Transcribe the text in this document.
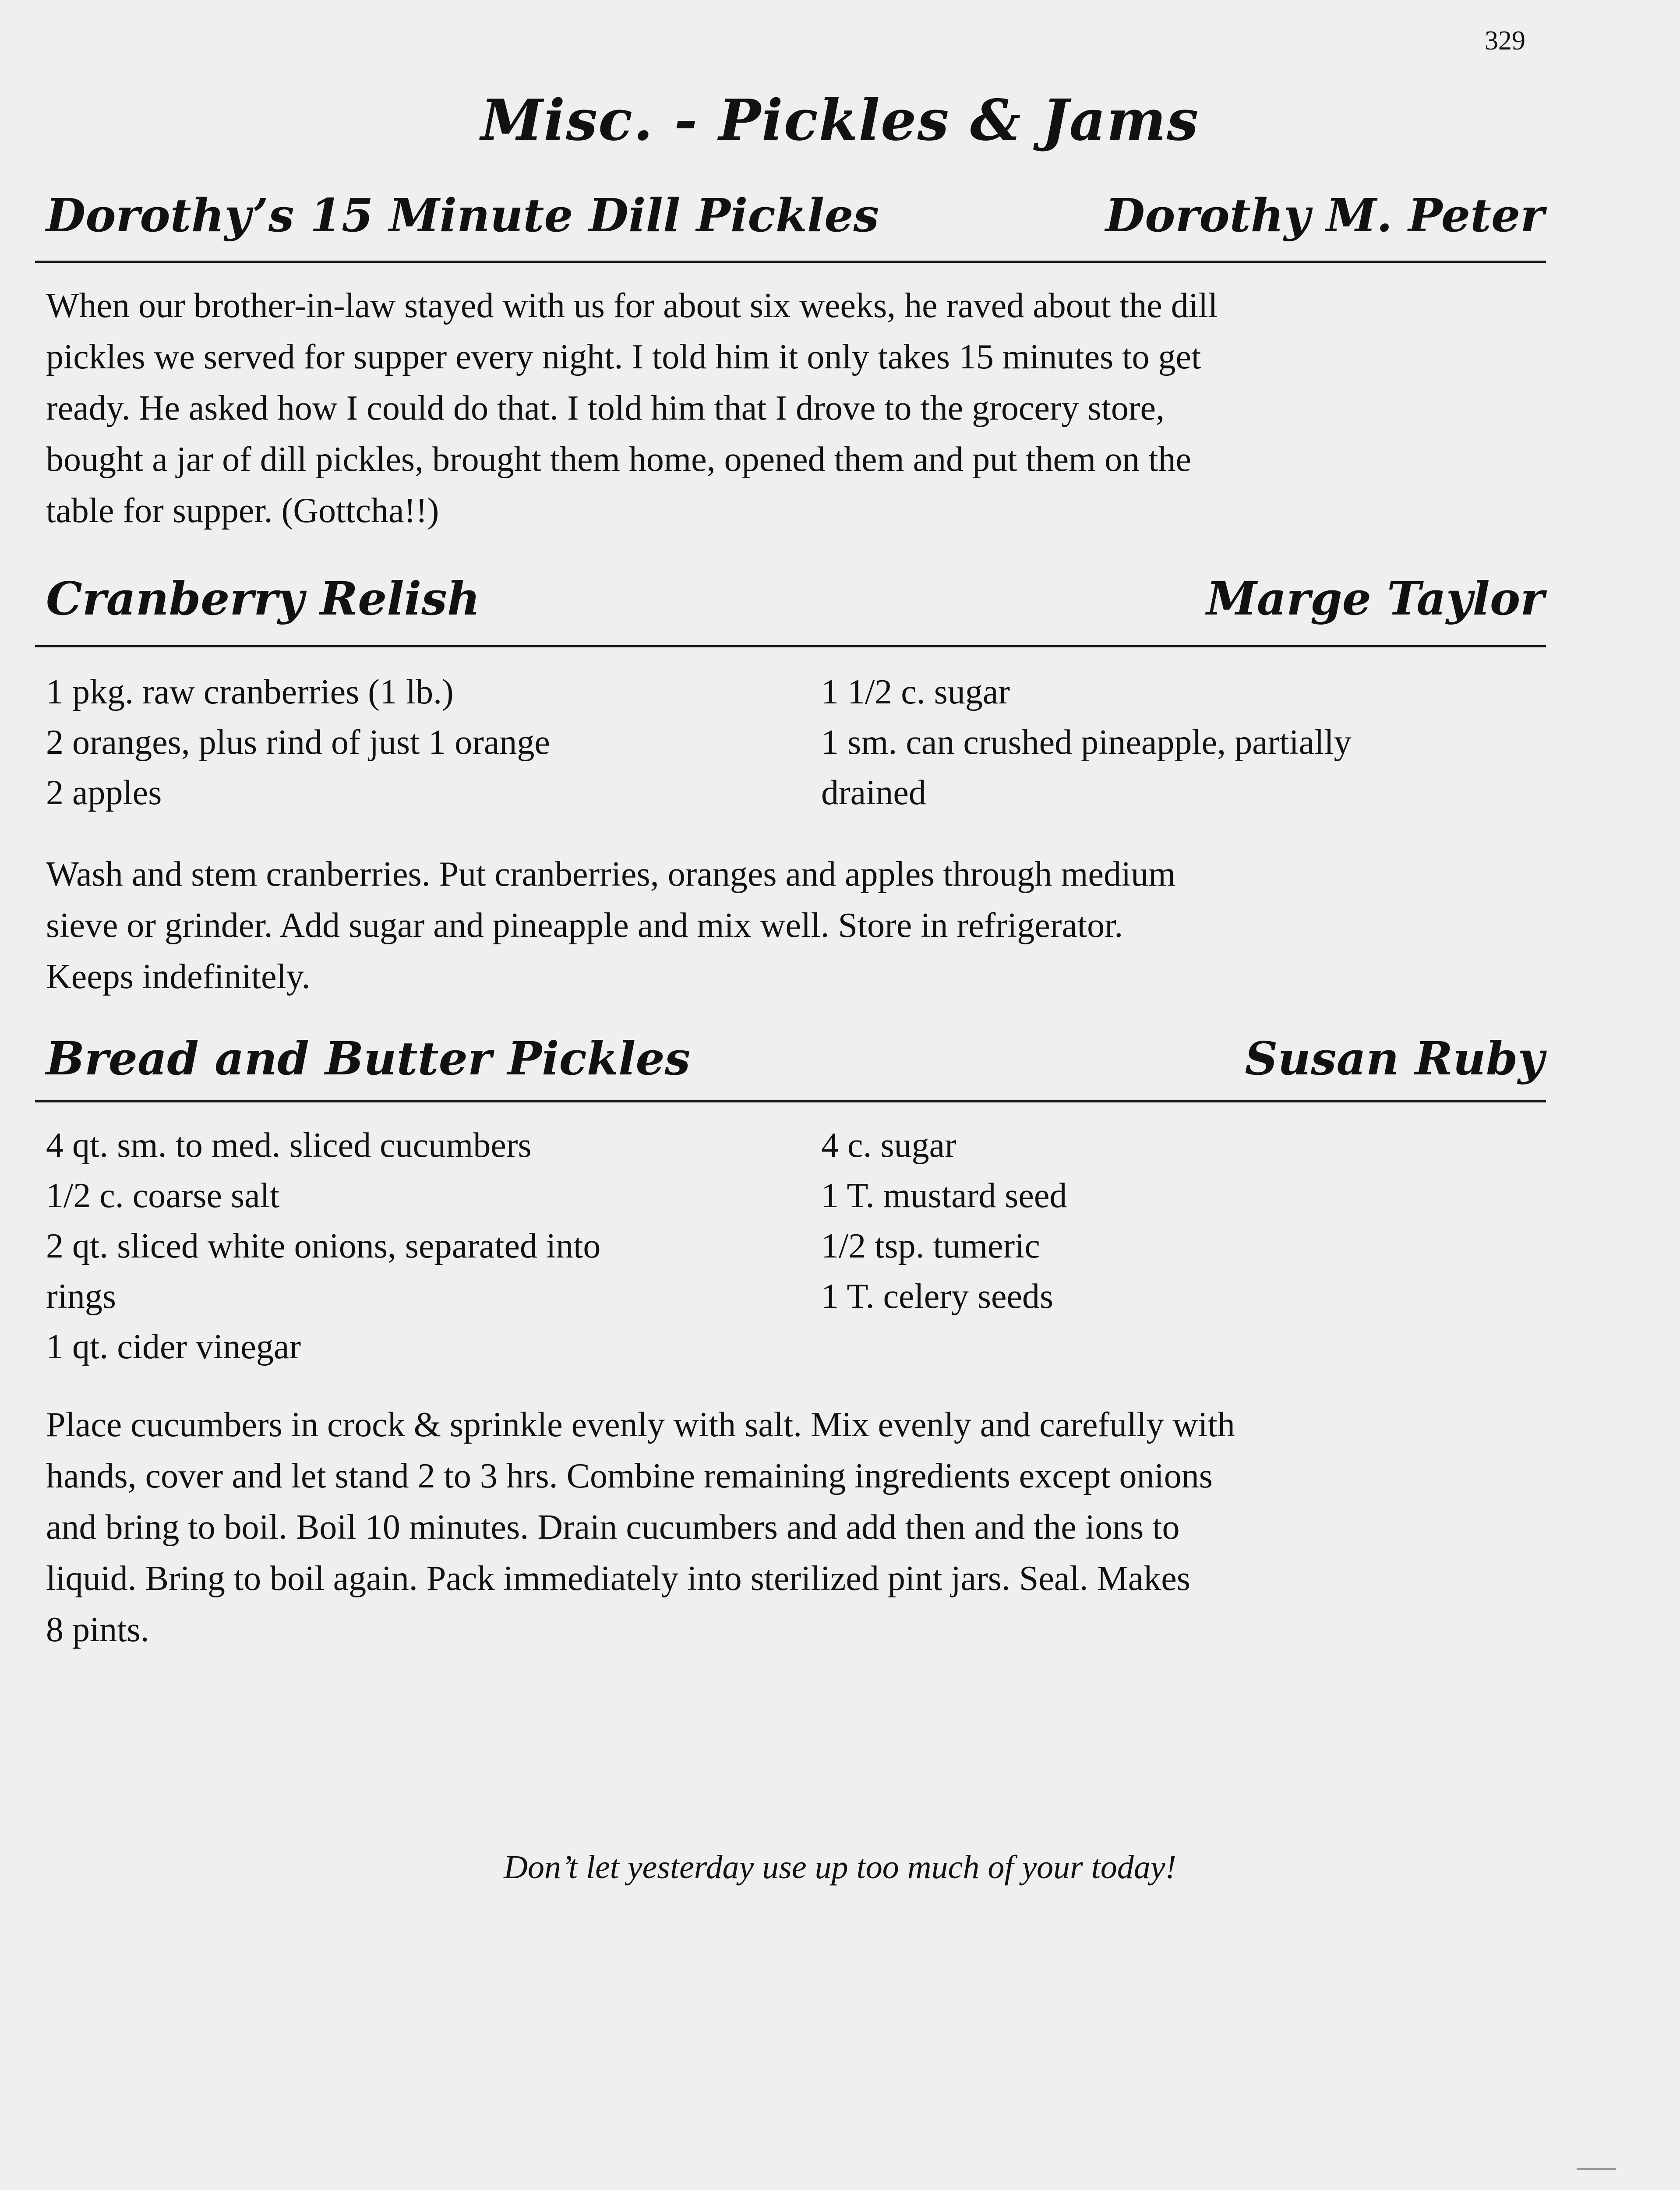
329
Misc. - Pickles & Jams
Dorothy’s 15 Minute Dill Pickles	Dorothy M. Peter
When our brother-in-law stayed with us for about six weeks, he raved about the dill
pickles we served for supper every night. I told him it only takes 15 minutes to get
ready. He asked how I could do that. I told him that I drove to the grocery store,
bought a jar of dill pickles, brought them home, opened them and put them on the
table for supper. (Gottcha!!)
Cranberry Relish	Marge Taylor
1 pkg. raw cranberries (1 lb.)
2 oranges, plus rind of just 1 orange
2 apples
1 1/2 c. sugar
1 sm. can crushed pineapple, partially
drained
Wash and stem cranberries. Put cranberries, oranges and apples through medium
sieve or grinder. Add sugar and pineapple and mix well. Store in refrigerator.
Keeps indefinitely.
Bread and Butter Pickles	Susan Ruby
4 qt. sm. to med. sliced cucumbers
1/2 c. coarse salt
2 qt. sliced white onions, separated into
rings
1 qt. cider vinegar
4 c. sugar
1 T. mustard seed
1/2 tsp. tumeric
1 T. celery seeds
Place cucumbers in crock & sprinkle evenly with salt. Mix evenly and carefully with
hands, cover and let stand 2 to 3 hrs. Combine remaining ingredients except onions
and bring to boil. Boil 10 minutes. Drain cucumbers and add then and the ions to
liquid. Bring to boil again. Pack immediately into sterilized pint jars. Seal. Makes
8 pints.
Don’t let yesterday use up too much of your today!
